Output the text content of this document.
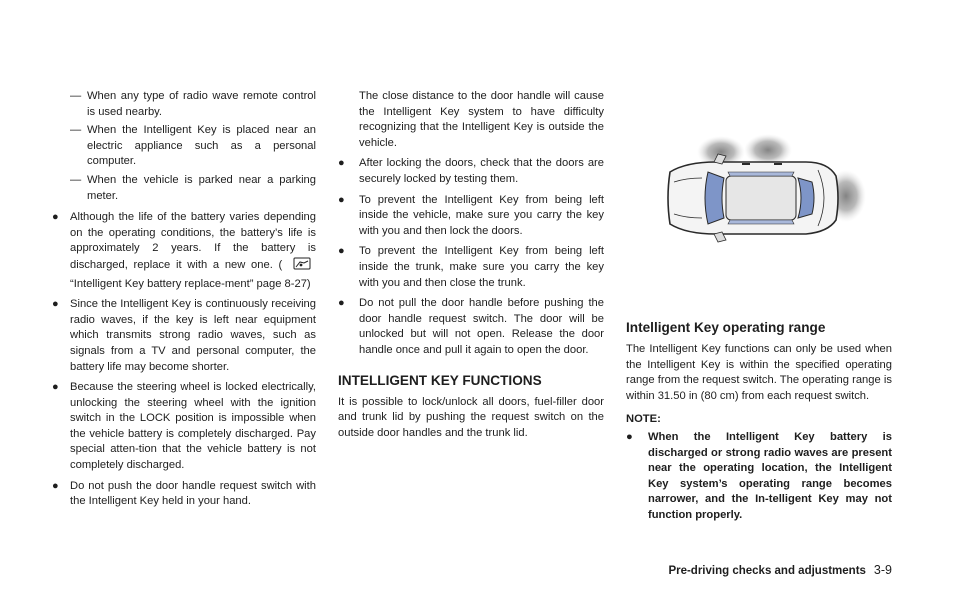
— When any type of radio wave remote control is used nearby.
— When the Intelligent Key is placed near an electric appliance such as a personal computer.
— When the vehicle is parked near a parking meter.
● Although the life of the battery varies depending on the operating conditions, the battery’s life is approximately 2 years. If the battery is discharged, replace it with a new one. ( “Intelligent Key battery replace-ment” page 8-27)
● Since the Intelligent Key is continuously receiving radio waves, if the key is left near equipment which transmits strong radio waves, such as signals from a TV and personal computer, the battery life may become shorter.
● Because the steering wheel is locked electrically, unlocking the steering wheel with the ignition switch in the LOCK position is impossible when the vehicle battery is completely discharged. Pay special atten-tion that the vehicle battery is not completely discharged.
● Do not push the door handle request switch with the Intelligent Key held in your hand.
The close distance to the door handle will cause the Intelligent Key system to have difficulty recognizing that the Intelligent Key is outside the vehicle.
● After locking the doors, check that the doors are securely locked by testing them.
● To prevent the Intelligent Key from being left inside the vehicle, make sure you carry the key with you and then lock the doors.
● To prevent the Intelligent Key from being left inside the trunk, make sure you carry the key with you and then close the trunk.
● Do not pull the door handle before pushing the door handle request switch. The door will be unlocked but will not open. Release the door handle once and pull it again to open the door.
INTELLIGENT KEY FUNCTIONS
It is possible to lock/unlock all doors, fuel-filler door and trunk lid by pushing the request switch on the outside door handles and the trunk lid.
Intelligent Key operating range
The Intelligent Key functions can only be used when the Intelligent Key is within the specified operating range from the request switch. The operating range is within 31.50 in (80 cm) from each request switch.
NOTE:
● When the Intelligent Key battery is discharged or strong radio waves are present near the operating location, the Intelligent Key system’s operating range becomes narrower, and the In-telligent Key may not function properly.
Pre-driving checks and adjustments 3-9
